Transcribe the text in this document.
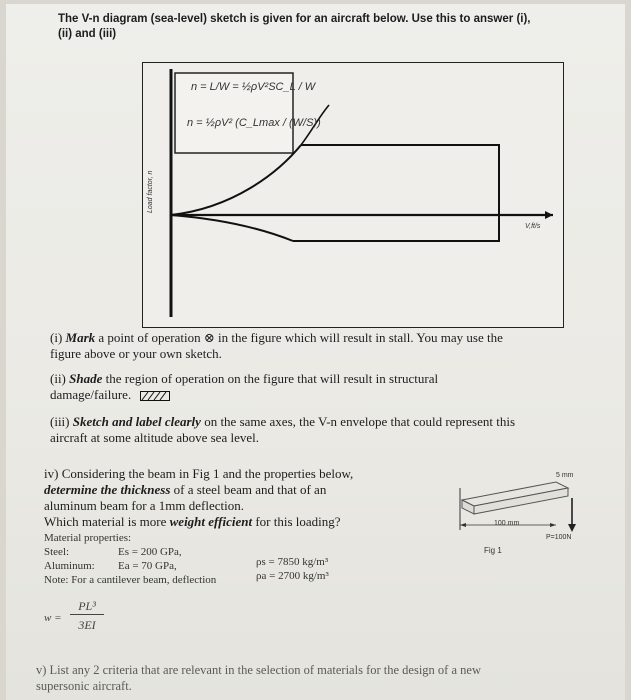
The V-n diagram (sea-level) sketch is given for an aircraft below. Use this to answer (i),
(ii) and (iii)
n = L/W = ½ρV²SC_L / W
n = ½ρV² (C_Lmax / (W/S))
Load factor, n
V,ft/s
(i) Mark a point of operation ⊗ in the figure which will result in stall. You may use the
figure above or your own sketch.
(ii) Shade the region of operation on the figure that will result in structural
damage/failure.
(iii) Sketch and label clearly on the same axes, the V-n envelope that could represent this
aircraft at some altitude above sea level.
iv) Considering the beam in Fig 1 and the properties below,
determine the thickness of a steel beam and that of an
aluminum beam for a 1mm deflection.
Which material is more weight efficient for this loading?
Material properties:
Steel:	Es = 200 GPa,
ρs = 7850 kg/m³
Aluminum: Ea = 70 GPa,
ρa = 2700 kg/m³
Note: For a cantilever beam, deflection
w =
PL³
3EI
5 mm
100 mm
P=100N
Fig 1
v) List any 2 criteria that are relevant in the selection of materials for the design of a new
supersonic aircraft.
